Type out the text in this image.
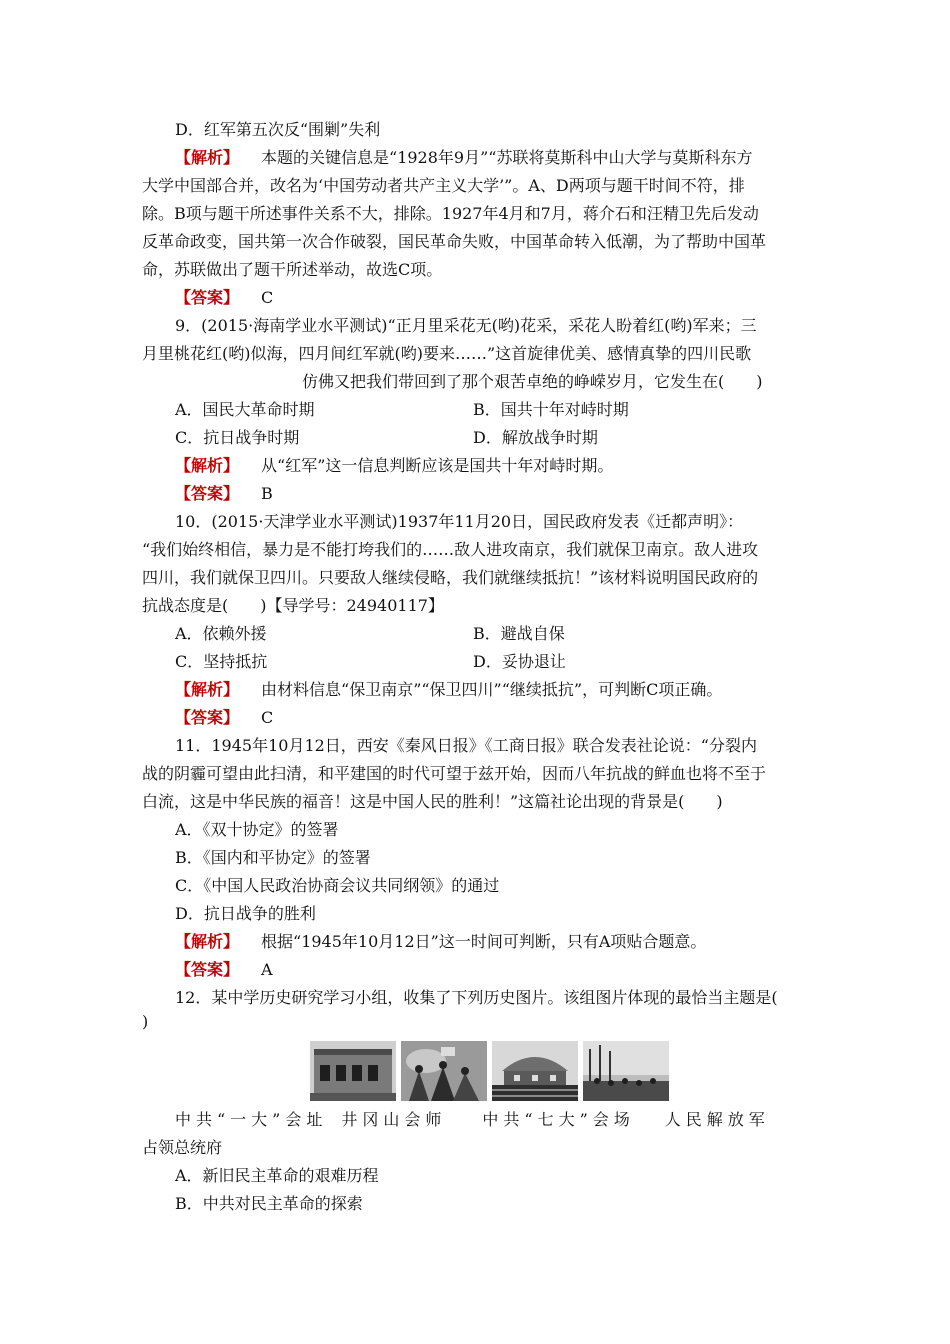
D．红军第五次反“围剿”失利
【解析】 本题的关键信息是“1928年9月”“苏联将莫斯科中山大学与莫斯科东方
大学中国部合并，改名为‘中国劳动者共产主义大学’”。A、D两项与题干时间不符，排
除。B项与题干所述事件关系不大，排除。1927年4月和7月，蒋介石和汪精卫先后发动
反革命政变，国共第一次合作破裂，国民革命失败，中国革命转入低潮，为了帮助中国革
命，苏联做出了题干所述举动，故选C项。
【答案】 C
9．(2015·海南学业水平测试)“正月里采花无(哟)花采，采花人盼着红(哟)军来；三
月里桃花红(哟)似海，四月间红军就(哟)要来……”这首旋律优美、感情真挚的四川民歌
仿佛又把我们带回到了那个艰苦卓绝的峥嵘岁月，它发生在(　　)
A．国民大革命时期	B．国共十年对峙时期
C．抗日战争时期	D．解放战争时期
【解析】 从“红军”这一信息判断应该是国共十年对峙时期。
【答案】 B
10．(2015·天津学业水平测试)1937年11月20日，国民政府发表《迁都声明》：
“我们始终相信，暴力是不能打垮我们的……敌人进攻南京，我们就保卫南京。敌人进攻
四川，我们就保卫四川。只要敌人继续侵略，我们就继续抵抗！”该材料说明国民政府的
抗战态度是(　　)【导学号：24940117】
A．依赖外援	B．避战自保
C．坚持抵抗	D．妥协退让
【解析】 由材料信息“保卫南京”“保卫四川”“继续抵抗”，可判断C项正确。
【答案】 C
11．1945年10月12日，西安《秦风日报》《工商日报》联合发表社论说：“分裂内
战的阴霾可望由此扫清，和平建国的时代可望于兹开始，因而八年抗战的鲜血也将不至于
白流，这是中华民族的福音！这是中国人民的胜利！”这篇社论出现的背景是(　　)
A．《双十协定》的签署
B．《国内和平协定》的签署
C．《中国人民政治协商会议共同纲领》的通过
D．抗日战争的胜利
【解析】 根据“1945年10月12日”这一时间可判断，只有A项贴合题意。
【答案】 A
12．某中学历史研究学习小组，收集了下列历史图片。该组图片体现的最恰当主题是(
)
中共“一大”会址 井冈山会师 中共“七大”会场 人民解放军
占领总统府
A．新旧民主革命的艰难历程
B．中共对民主革命的探索
